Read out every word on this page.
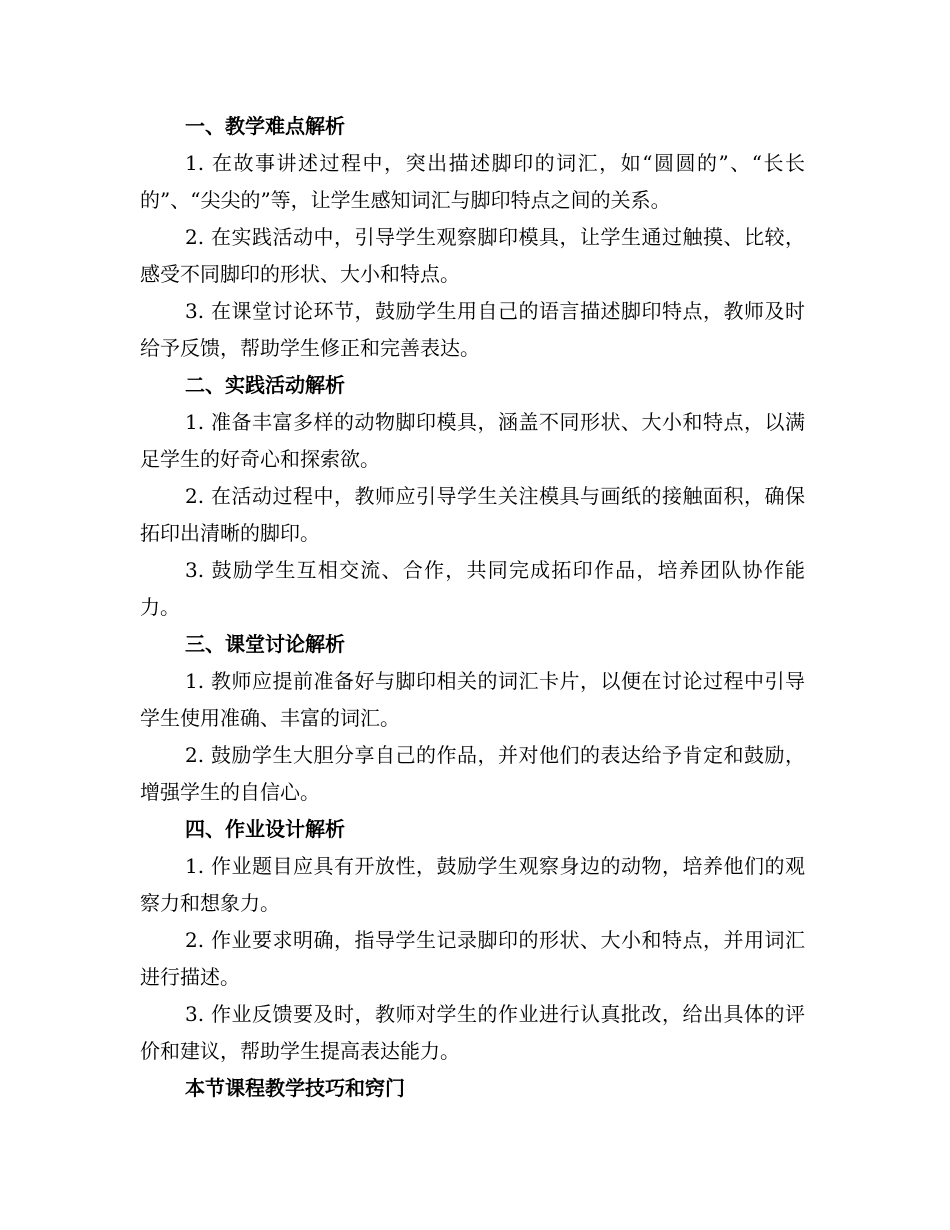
一、教学难点解析

1. 在故事讲述过程中，突出描述脚印的词汇，如“圆圆的”、“长长的”、“尖尖的”等，让学生感知词汇与脚印特点之间的关系。

2. 在实践活动中，引导学生观察脚印模具，让学生通过触摸、比较，感受不同脚印的形状、大小和特点。

3. 在课堂讨论环节，鼓励学生用自己的语言描述脚印特点，教师及时给予反馈，帮助学生修正和完善表达。

二、实践活动解析

1. 准备丰富多样的动物脚印模具，涵盖不同形状、大小和特点，以满足学生的好奇心和探索欲。

2. 在活动过程中，教师应引导学生关注模具与画纸的接触面积，确保拓印出清晰的脚印。

3. 鼓励学生互相交流、合作，共同完成拓印作品，培养团队协作能力。

三、课堂讨论解析

1. 教师应提前准备好与脚印相关的词汇卡片，以便在讨论过程中引导学生使用准确、丰富的词汇。

2. 鼓励学生大胆分享自己的作品，并对他们的表达给予肯定和鼓励，增强学生的自信心。

四、作业设计解析

1. 作业题目应具有开放性，鼓励学生观察身边的动物，培养他们的观察力和想象力。

2. 作业要求明确，指导学生记录脚印的形状、大小和特点，并用词汇进行描述。

3. 作业反馈要及时，教师对学生的作业进行认真批改，给出具体的评价和建议，帮助学生提高表达能力。

本节课程教学技巧和窍门
